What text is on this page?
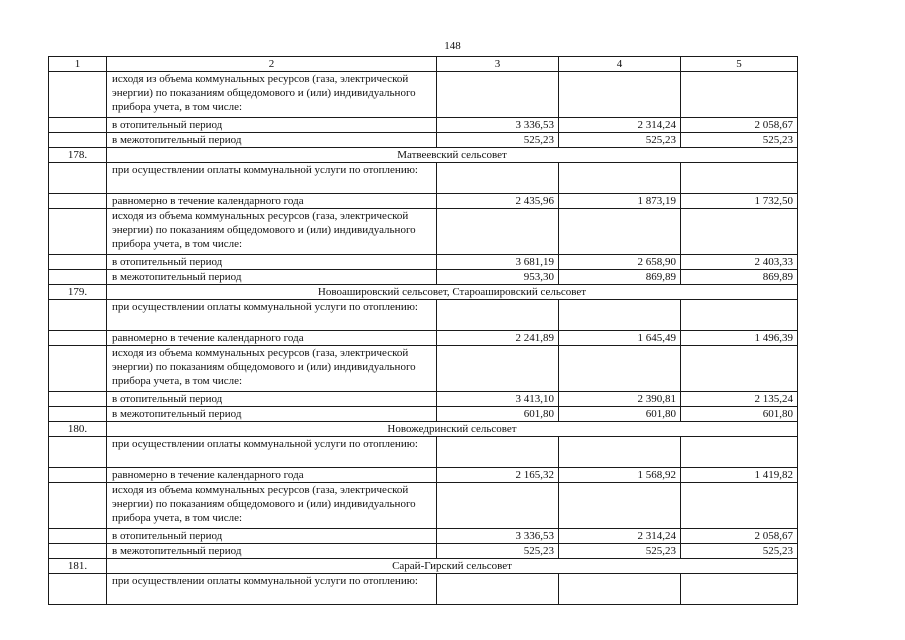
148
1	2	3	4	5
	исходя из объема коммунальных ресурсов (газа, электрической энергии) по показаниям общедомового и (или) индивидуального прибора учета, в том числе:			
	в отопительный период	3 336,53	2 314,24	2 058,67
	в межотопительный период	525,23	525,23	525,23
178.	Матвеевский сельсовет			
	при осуществлении оплаты коммунальной услуги по отоплению:			
	равномерно в течение календарного года	2 435,96	1 873,19	1 732,50
	исходя из объема коммунальных ресурсов (газа, электрической энергии) по показаниям общедомового и (или) индивидуального прибора учета, в том числе:			
	в отопительный период	3 681,19	2 658,90	2 403,33
	в межотопительный период	953,30	869,89	869,89
179.	Новоаширoвский сельсовет, Староаширoвский сельсовет			
	при осуществлении оплаты коммунальной услуги по отоплению:			
	равномерно в течение календарного года	2 241,89	1 645,49	1 496,39
	исходя из объема коммунальных ресурсов (газа, электрической энергии) по показаниям общедомового и (или) индивидуального прибора учета, в том числе:			
	в отопительный период	3 413,10	2 390,81	2 135,24
	в межотопительный период	601,80	601,80	601,80
180.	Новожедринский сельсовет			
	при осуществлении оплаты коммунальной услуги по отоплению:			
	равномерно в течение календарного года	2 165,32	1 568,92	1 419,82
	исходя из объема коммунальных ресурсов (газа, электрической энергии) по показаниям общедомового и (или) индивидуального прибора учета, в том числе:			
	в отопительный период	3 336,53	2 314,24	2 058,67
	в межотопительный период	525,23	525,23	525,23
181.	Сарай-Гирский сельсовет			
	при осуществлении оплаты коммунальной услуги по отоплению:			
